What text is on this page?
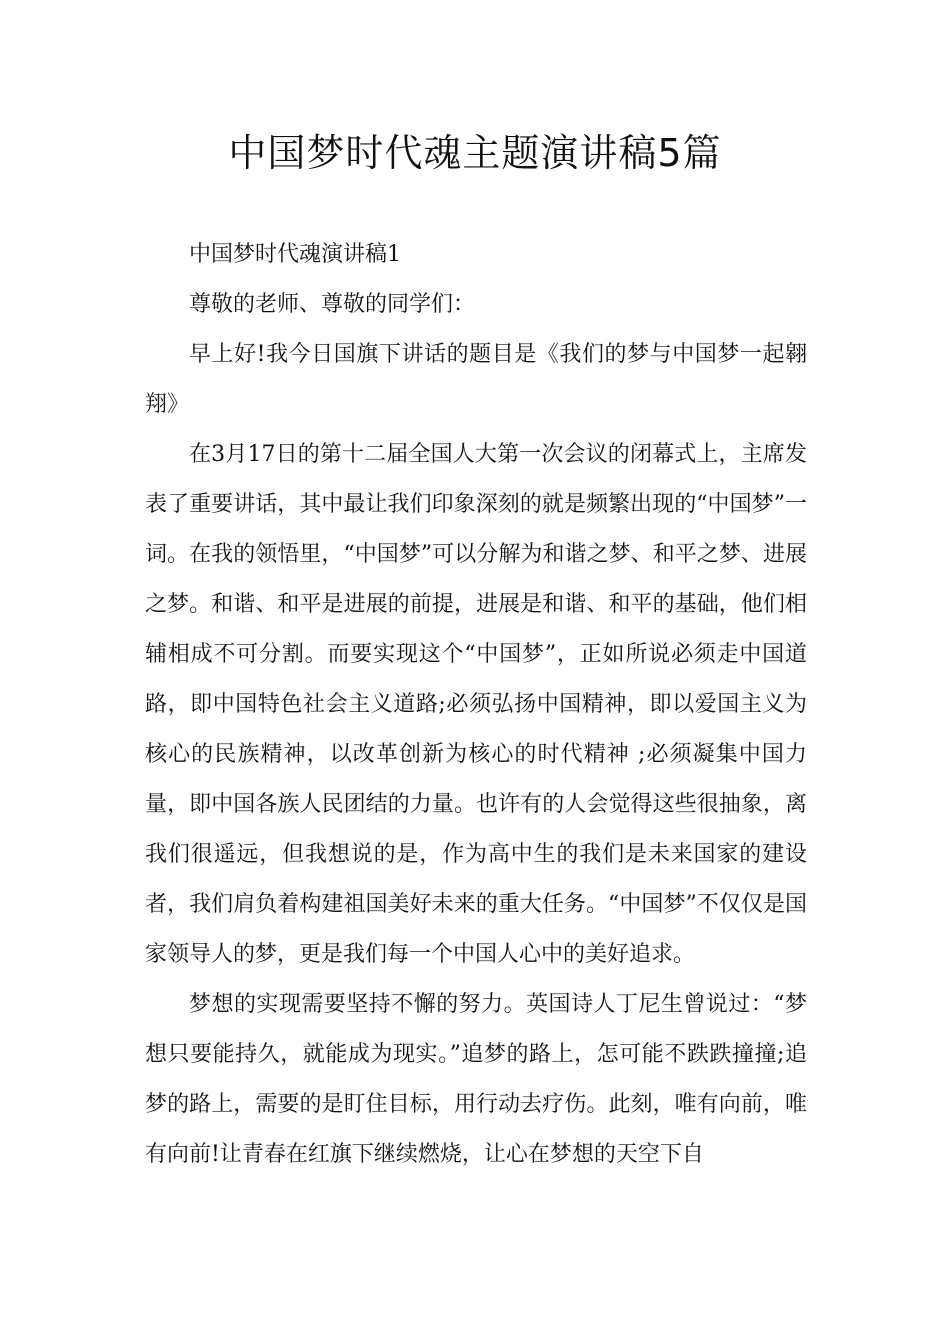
中国梦时代魂主题演讲稿5篇

中国梦时代魂演讲稿1

尊敬的老师、尊敬的同学们：

早上好!我今日国旗下讲话的题目是《我们的梦与中国梦一起翱翔》

在3月17日的第十二届全国人大第一次会议的闭幕式上，主席发表了重要讲话，其中最让我们印象深刻的就是频繁出现的“中国梦”一词。在我的领悟里，“中国梦”可以分解为和谐之梦、和平之梦、进展之梦。和谐、和平是进展的前提，进展是和谐、和平的基础，他们相辅相成不可分割。而要实现这个“中国梦”，正如所说必须走中国道路，即中国特色社会主义道路;必须弘扬中国精神，即以爱国主义为核心的民族精神，以改革创新为核心的时代精神 ;必须凝集中国力量，即中国各族人民团结的力量。也许有的人会觉得这些很抽象，离我们很遥远，但我想说的是，作为高中生的我们是未来国家的建设者，我们肩负着构建祖国美好未来的重大任务。“中国梦”不仅仅是国家领导人的梦，更是我们每一个中国人心中的美好追求。

梦想的实现需要坚持不懈的努力。英国诗人丁尼生曾说过：“梦想只要能持久，就能成为现实。”追梦的路上，怎可能不跌跌撞撞;追梦的路上，需要的是盯住目标，用行动去疗伤。此刻，唯有向前，唯有向前!让青春在红旗下继续燃烧，让心在梦想的天空下自
